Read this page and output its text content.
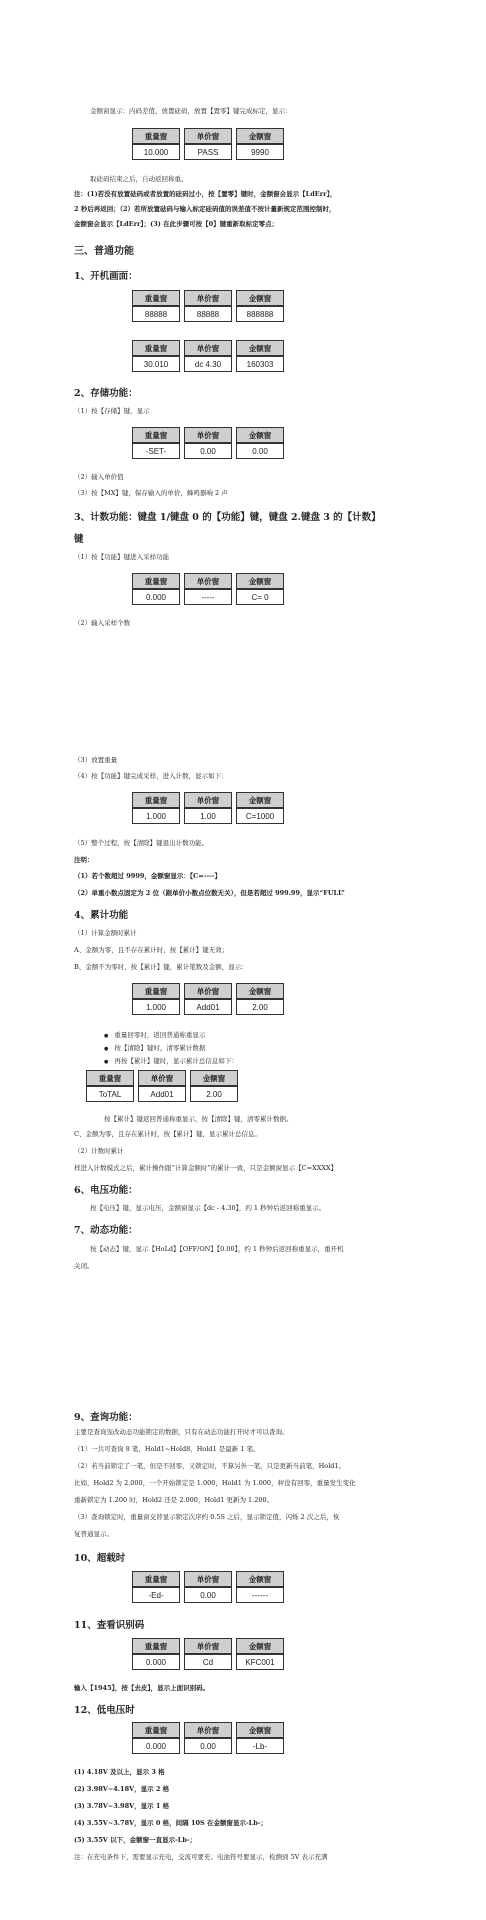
金额窗显示：内码差值，放置砝码，放置【置零】键完成标定，显示：
重量窗	单价窗	金额窗
10.000	PASS	9990
取砝码结束之后，自动返回称重。
注：(1)若没有放置砝码或者放置的砝码过小，按【置零】键时，金额窗会显示【LdErr】，
2 秒后再返回；（2）若所放置砝码与输入标定砝码值的误差值不按计量新规定范围控制时，
金额窗会显示【LdErr】；(3) 在此步骤可按【0】键重新取标定零点；
三、普通功能
1、开机画面：
重量窗	单价窗	金额窗
88888	88888	888888
重量窗	单价窗	金额窗
30.010	dc 4.30	160303
2、存储功能：
（1）按【存储】键，显示
重量窗	单价窗	金额窗
-SET-	0.00	0.00
（2）输入单价值
（3）按【MX】键，保存输入的单价，蜂鸣器响 2 声
3、计数功能：键盘 1/键盘 0 的【功能】键，键盘 2.键盘 3 的【计数】
键
（1）按【功能】键进入采样功能
重量窗	单价窗	金额窗
0.000	-----	C= 0
（2）输入采样个数
（3）放置重量
（4）按【功能】键完成采样，进入计数，显示如下：
重量窗	单价窗	金额窗
1.000	1.00	C=1000
（5）整个过程，按【清除】键退出计数功能。
注明：
（1）若个数超过 9999，金额窗显示：【C=----】
（2）单重小数点固定为 2 位（跟单价小数点位数无关），但是若超过 999.99，显示“FULL”
4、累计功能
（1）计算金额时累计
A、金额为零，且不存在累计时，按【累计】键无效；
B、金额不为零时，按【累计】键，累计笔数及金额，显示：
重量窗	单价窗	金额窗
1.000	Add01	2.00
● 重量回零时，返回普通称重显示
● 按【清除】键时，清零累计数据
● 再按【累计】键时，显示累计总信息如下：
重量窗	单价窗	金额窗
ToTAL	Add01	2.00
按【累计】键返回普通称重显示，按【清除】键，清零累计数据。
C、金额为零，且存在累计时，按【累计】键，显示累计总信息。
（2）计数时累计
样进入计数模式之后，累计操作跟“计算金额时”的累计一致，只是金额窗显示【C=XXXX】
6、电压功能：
按【电压】键，显示电压，金额窗显示【dc - 4.30】，约 1 秒钟后返回称重显示。
7、动态功能：
按【动态】键，显示【HoLd】【OFF/ON】【0.00】，约 1 秒钟后返回称重显示，重开机
关闭。
9、查询功能：
主要是查询宠改动态功能锁定的数据，只有在动态功能打开时才可以查询。
（1）一共可查询 8 笔，Hold1~Hold8，Hold1 是最新 1 笔。
（2）若当前锁定了一笔，但是不回零，又锁定时，不算另外一笔，只是更新当前笔，Hold1。
比如，Hold2 为 2.000，一个开始锁定是 1.000，Hold1 为 1.000，秤没有回零，重量发生变化
重新锁定为 1.200 时，Hold2 还是 2.000，Hold1 更新为 1.200。
（3）查询锁定时，重量窗交替显示锁定次序约 0.5S 之后，显示锁定值，闪烁 2 次之后，恢
复普通显示。
10、超载时
重量窗	单价窗	金额窗
-Ed-	0.00	------
11、查看识别码
重量窗	单价窗	金额窗
0.000	Cd	KFC001
输入【1945】，按【去皮】，显示上面识别码。
12、低电压时
重量窗	单价窗	金额窗
0.000	0.00	-Lb-
(1) 4.18V 及以上，显示 3 格
(2) 3.98V~4.18V，显示 2 格
(3) 3.78V~3.98V，显示 1 格
(4) 3.55V~3.78V，显示 0 格，间隔 10S 在金额窗显示-Lb-；
(5) 3.55V 以下，金额窗一直显示-Lb-；
注：在充电条件下，需要显示充电，交流可要充；电池符号要显示，检测到 5V 表示充满
